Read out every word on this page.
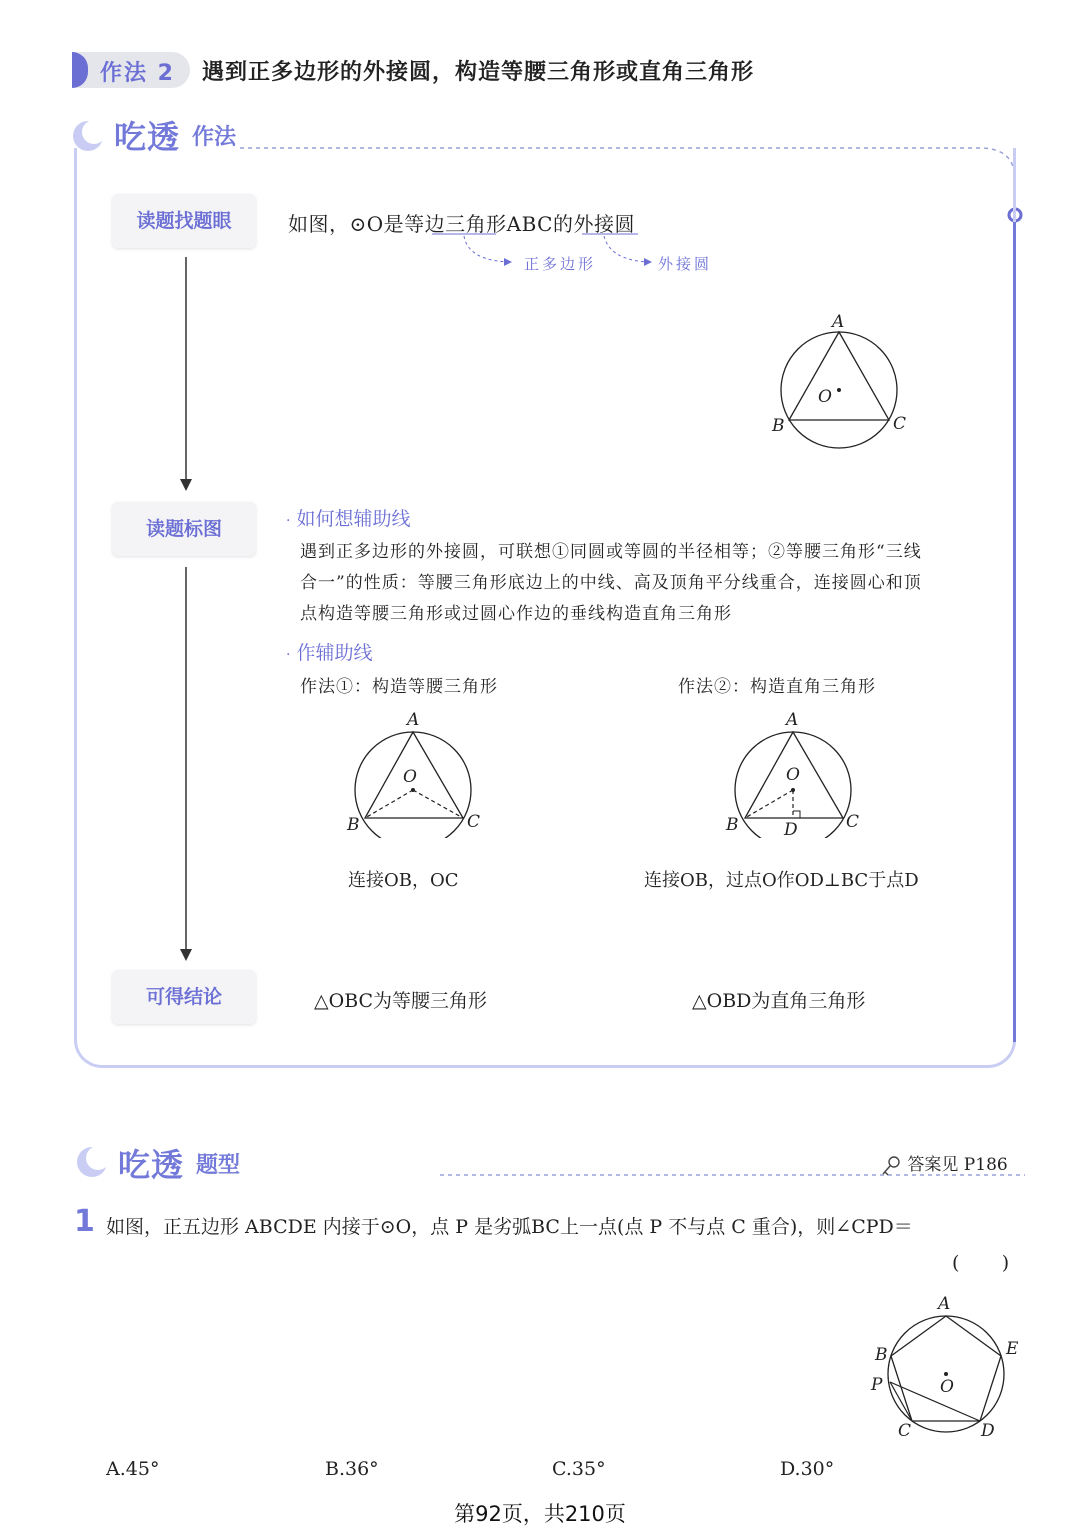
作法 2 遇到正多边形的外接圆，构造等腰三角形或直角三角形
吃透 作法
读题找题眼
读题标图
可得结论
如图，⊙O是等边三角形ABC的外接圆
正多边形	外接圆
A
B	C
O
· 如何想辅助线
遇到正多边形的外接圆，可联想①同圆或等圆的半径相等；②等腰三角形“三线
合一”的性质：等腰三角形底边上的中线、高及顶角平分线重合，连接圆心和顶
点构造等腰三角形或过圆心作边的垂线构造直角三角形
· 作辅助线
作法①：构造等腰三角形	作法②：构造直角三角形
A
O
B	C
A
O
B	D	C
连接OB，OC	连接OB，过点O作OD⊥BC于点D
△OBC为等腰三角形	△OBD为直角三角形
吃透 题型	答案见 P186
1 如图，正五边形 ABCDE 内接于⊙O，点 P 是劣弧BC上一点(点 P 不与点 C 重合)，则∠CPD＝
(       )
A
B	E
P	O
C	D
A.45°	B.36°	C.35°	D.30°
第92页，共210页
